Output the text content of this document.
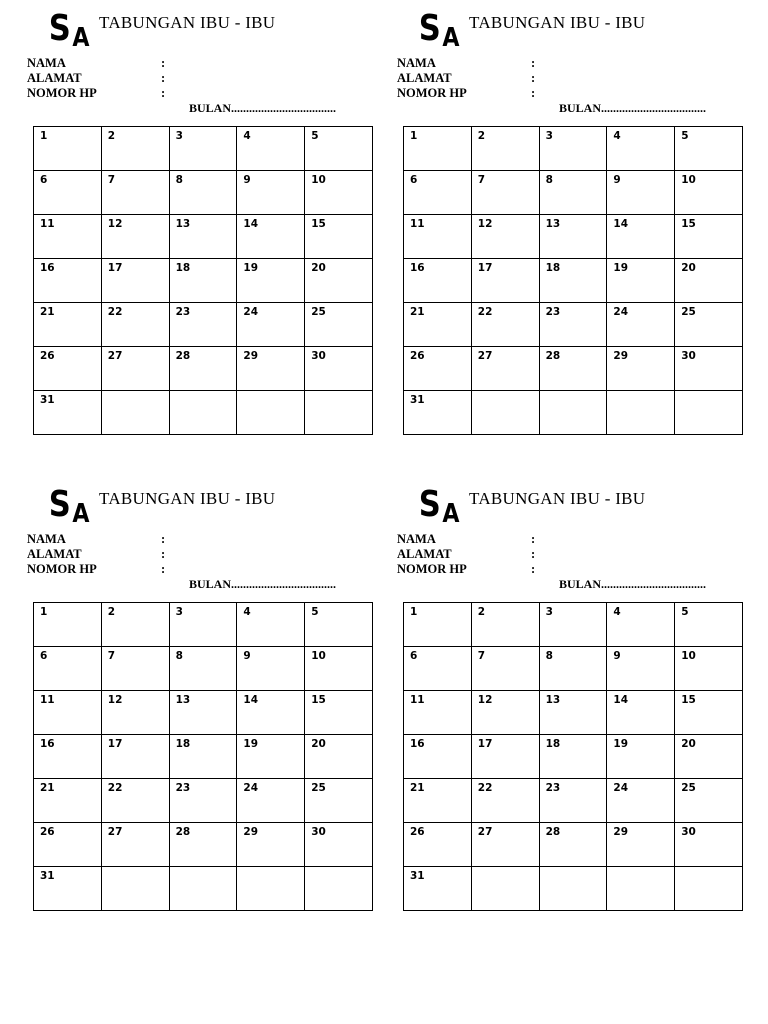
S A
TABUNGAN IBU - IBU
NAMA	:
ALAMAT	:
NOMOR HP	:
BULAN...................................
1	2	3	4	5
6	7	8	9	10
11	12	13	14	15
16	17	18	19	20
21	22	23	24	25
26	27	28	29	30
31				
S A
TABUNGAN IBU - IBU
NAMA	:
ALAMAT	:
NOMOR HP	:
BULAN...................................
1	2	3	4	5
6	7	8	9	10
11	12	13	14	15
16	17	18	19	20
21	22	23	24	25
26	27	28	29	30
31				
S A
TABUNGAN IBU - IBU
NAMA	:
ALAMAT	:
NOMOR HP	:
BULAN...................................
1	2	3	4	5
6	7	8	9	10
11	12	13	14	15
16	17	18	19	20
21	22	23	24	25
26	27	28	29	30
31				
S A
TABUNGAN IBU - IBU
NAMA	:
ALAMAT	:
NOMOR HP	:
BULAN...................................
1	2	3	4	5
6	7	8	9	10
11	12	13	14	15
16	17	18	19	20
21	22	23	24	25
26	27	28	29	30
31				
